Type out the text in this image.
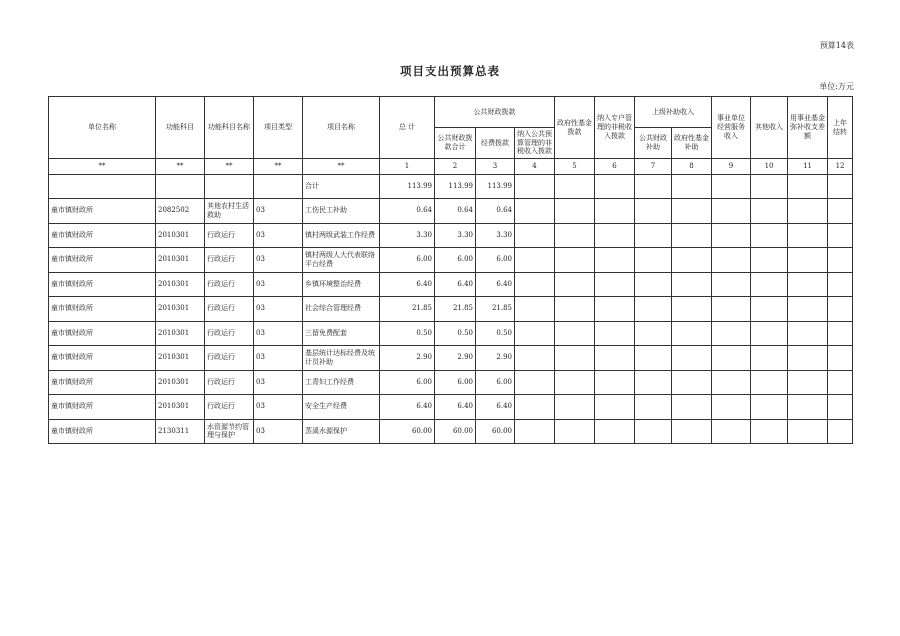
预算14表
项目支出预算总表
单位:万元
单位名称	功能科目	功能科目名称	项目类型	项目名称	总 计	公共财政拨款			政府性基金拨款	纳入专户管理的非税收入拨款	上级补助收入		事业单位经营服务收入	其他收入	用事业基金弥补收支差额	上年结转
						公共财政拨款合计	经费拨款	纳入公共预算管理的非税收入拨款			公共财政补助	政府性基金补助				
**	**	**	**	**	1	2	3	4	5	6	7	8	9	10	11	12
				合计	113.99	113.99	113.99									
童市镇财政所	2082502	其他农村生活救助	03	工伤民工补助	0.64	0.64	0.64									
童市镇财政所	2010301	行政运行	03	镇村两级武装工作经费	3.30	3.30	3.30									
童市镇财政所	2010301	行政运行	03	镇村两级人大代表联络平台经费	6.00	6.00	6.00									
童市镇财政所	2010301	行政运行	03	乡镇环境整治经费	6.40	6.40	6.40									
童市镇财政所	2010301	行政运行	03	社会综合管理经费	21.85	21.85	21.85									
童市镇财政所	2010301	行政运行	03	三留免费配套	0.50	0.50	0.50									
童市镇财政所	2010301	行政运行	03	基层统计达标经费及统计员补助	2.90	2.90	2.90									
童市镇财政所	2010301	行政运行	03	工青妇工作经费	6.00	6.00	6.00									
童市镇财政所	2010301	行政运行	03	安全生产经费	6.40	6.40	6.40									
童市镇财政所	2130311	水资源节约管理与保护	03	蒸溪水源保护	60.00	60.00	60.00									
